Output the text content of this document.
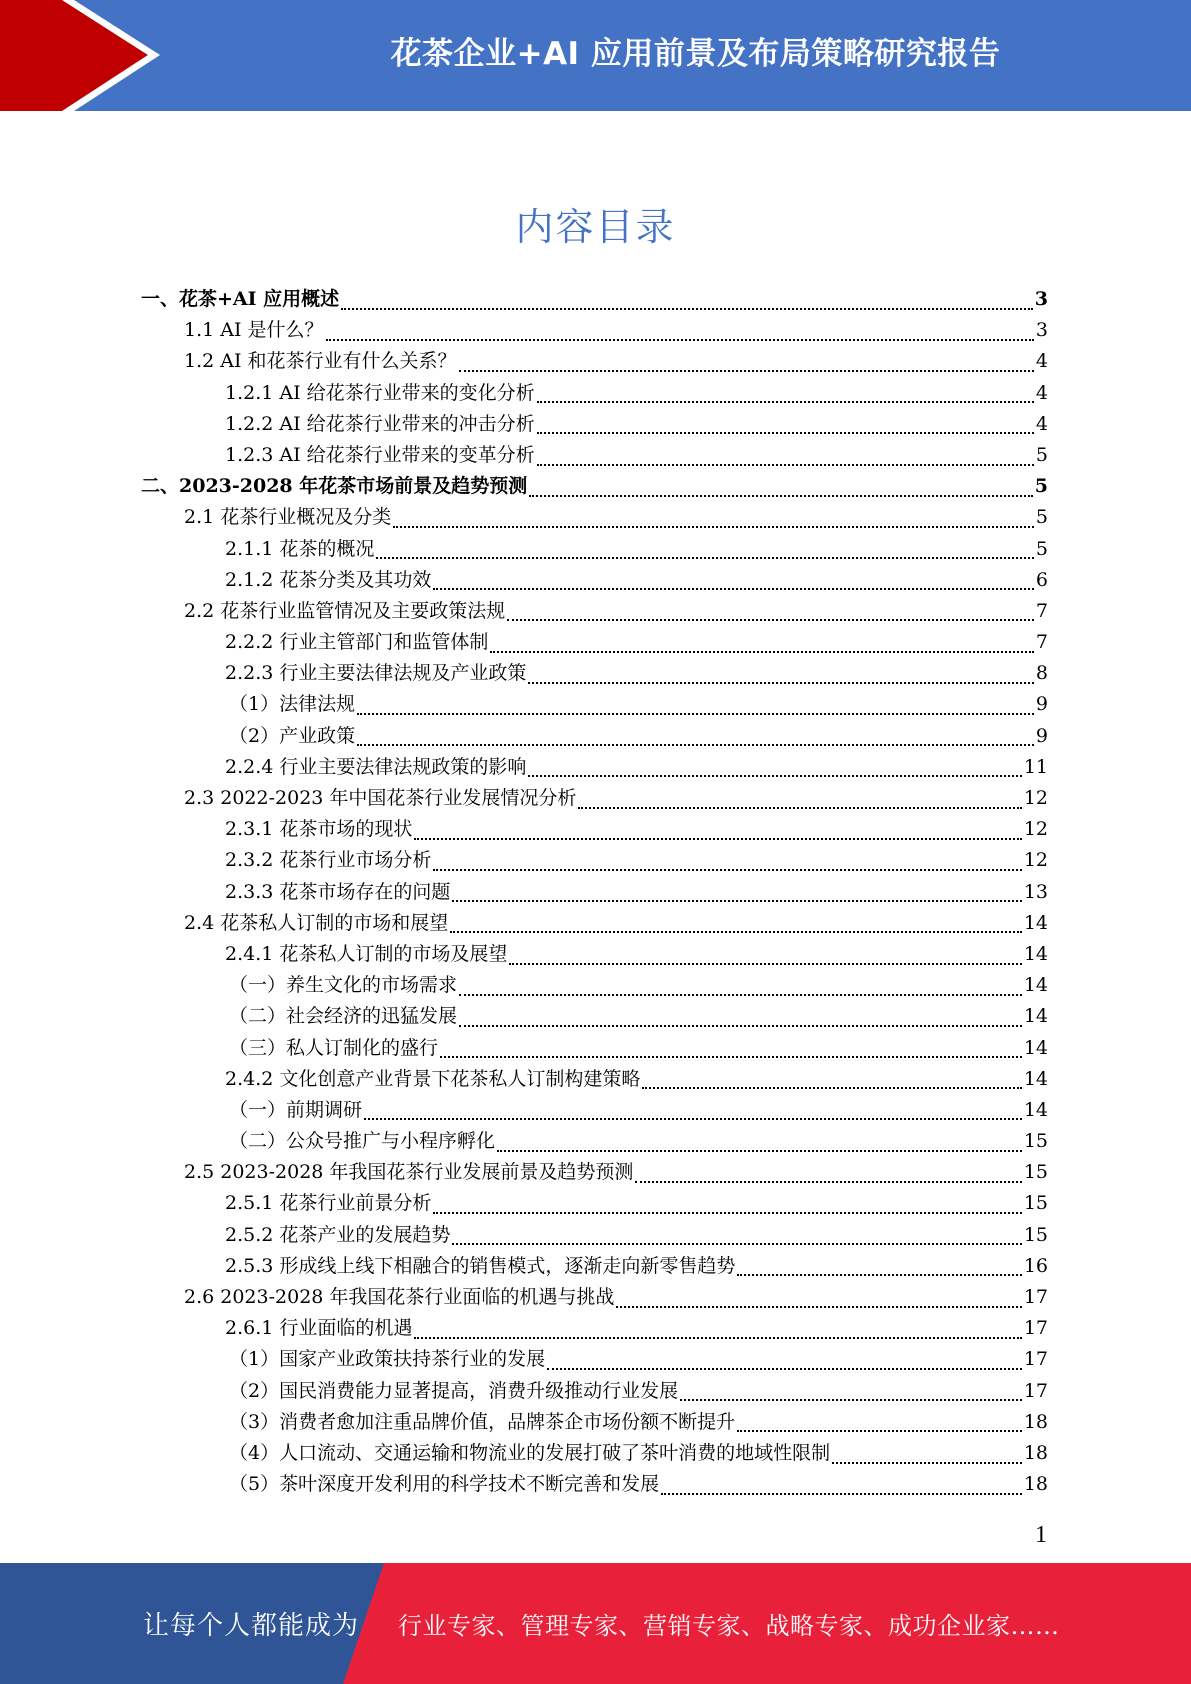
花茶企业+AI 应用前景及布局策略研究报告
内容目录
一、花茶+AI 应用概述	3
1.1 AI 是什么？	3
1.2 AI 和花茶行业有什么关系？	4
1.2.1 AI 给花茶行业带来的变化分析	4
1.2.2 AI 给花茶行业带来的冲击分析	4
1.2.3 AI 给花茶行业带来的变革分析	5
二、2023-2028 年花茶市场前景及趋势预测	5
2.1 花茶行业概况及分类	5
2.1.1 花茶的概况	5
2.1.2 花茶分类及其功效	6
2.2 花茶行业监管情况及主要政策法规	7
2.2.2 行业主管部门和监管体制	7
2.2.3 行业主要法律法规及产业政策	8
（1）法律法规	9
（2）产业政策	9
2.2.4 行业主要法律法规政策的影响	11
2.3 2022-2023 年中国花茶行业发展情况分析	12
2.3.1 花茶市场的现状	12
2.3.2 花茶行业市场分析	12
2.3.3 花茶市场存在的问题	13
2.4 花茶私人订制的市场和展望	14
2.4.1 花茶私人订制的市场及展望	14
（一）养生文化的市场需求	14
（二）社会经济的迅猛发展	14
（三）私人订制化的盛行	14
2.4.2 文化创意产业背景下花茶私人订制构建策略	14
（一）前期调研	14
（二）公众号推广与小程序孵化	15
2.5 2023-2028 年我国花茶行业发展前景及趋势预测	15
2.5.1 花茶行业前景分析	15
2.5.2 花茶产业的发展趋势	15
2.5.3 形成线上线下相融合的销售模式，逐渐走向新零售趋势	16
2.6 2023-2028 年我国花茶行业面临的机遇与挑战	17
2.6.1 行业面临的机遇	17
（1）国家产业政策扶持茶行业的发展	17
（2）国民消费能力显著提高，消费升级推动行业发展	17
（3）消费者愈加注重品牌价值，品牌茶企市场份额不断提升	18
（4）人口流动、交通运输和物流业的发展打破了茶叶消费的地域性限制	18
（5）茶叶深度开发利用的科学技术不断完善和发展	18
1
让每个人都能成为 行业专家、管理专家、营销专家、战略专家、成功企业家……
